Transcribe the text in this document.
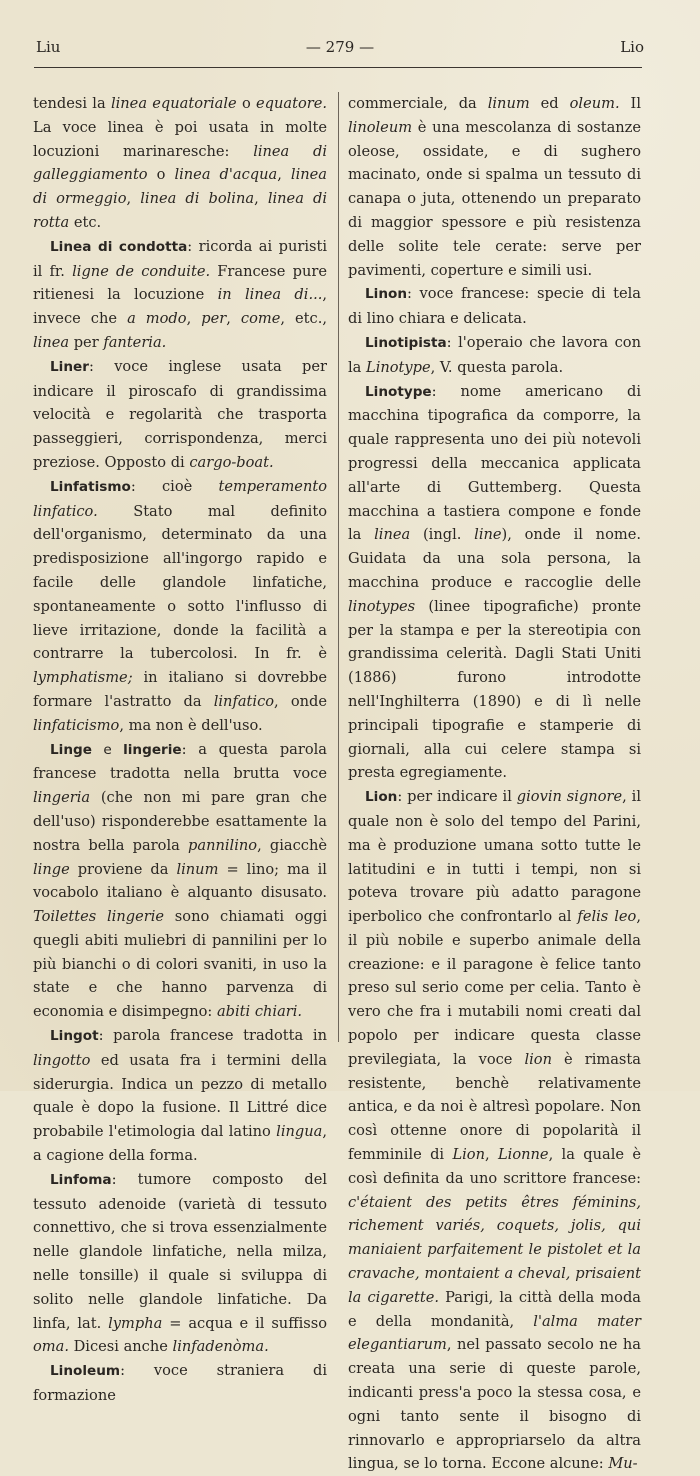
Liu	— 279 —	Lio

tendesi la linea equatoriale o equatore. La voce linea è poi usata in molte locuzioni marinaresche: linea di galleggiamento o linea d'acqua, linea di ormeggio, linea di bolina, linea di rotta etc.

Linea di condotta: ricorda ai puristi il fr. ligne de conduite. Francese pure ritienesi la locuzione in linea di..., invece che a modo, per, come, etc., linea per fanteria.

Liner: voce inglese usata per indicare il piroscafo di grandissima velocità e regolarità che trasporta passeggieri, corrispondenza, merci preziose. Opposto di cargo-boat.

Linfatismo: cioè temperamento linfatico. Stato mal definito dell'organismo, determinato da una predisposizione all'ingorgo rapido e facile delle glandole linfatiche, spontaneamente o sotto l'influsso di lieve irritazione, donde la facilità a contrarre la tubercolosi. In fr. è lymphatisme; in italiano si dovrebbe formare l'astratto da linfatico, onde linfaticismo, ma non è dell'uso.

Linge e lingerie: a questa parola francese tradotta nella brutta voce lingeria (che non mi pare gran che dell'uso) risponderebbe esattamente la nostra bella parola pannilino, giacchè linge proviene da linum = lino; ma il vocabolo italiano è alquanto disusato. Toilettes lingerie sono chiamati oggi quegli abiti muliebri di pannilini per lo più bianchi o di colori svaniti, in uso la state e che hanno parvenza di economia e disimpegno: abiti chiari.

Lingot: parola francese tradotta in lingotto ed usata fra i termini della siderurgia. Indica un pezzo di metallo quale è dopo la fusione. Il Littré dice probabile l'etimologia dal latino lingua, a cagione della forma.

Linfoma: tumore composto del tessuto adenoide (varietà di tessuto connettivo, che si trova essenzialmente nelle glandole linfatiche, nella milza, nelle tonsille) il quale si sviluppa di solito nelle glandole linfatiche. Da linfa, lat. lympha = acqua e il suffisso oma. Dicesi anche linfadenòma.

Linoleum: voce straniera di formazione

commerciale, da linum ed oleum. Il linoleum è una mescolanza di sostanze oleose, ossidate, e di sughero macinato, onde si spalma un tessuto di canapa o juta, ottenendo un preparato di maggior spessore e più resistenza delle solite tele cerate: serve per pavimenti, coperture e simili usi.

Linon: voce francese: specie di tela di lino chiara e delicata.

Linotipista: l'operaio che lavora con la Linotype, V. questa parola.

Linotype: nome americano di macchina tipografica da comporre, la quale rappresenta uno dei più notevoli progressi della meccanica applicata all'arte di Guttemberg. Questa macchina a tastiera compone e fonde la linea (ingl. line), onde il nome. Guidata da una sola persona, la macchina produce e raccoglie delle linotypes (linee tipografiche) pronte per la stampa e per la stereotipia con grandissima celerità. Dagli Stati Uniti (1886) furono introdotte nell'Inghilterra (1890) e di lì nelle principali tipografie e stamperie di giornali, alla cui celere stampa si presta egregiamente.

Lion: per indicare il giovin signore, il quale non è solo del tempo del Parini, ma è produzione umana sotto tutte le latitudini e in tutti i tempi, non si poteva trovare più adatto paragone iperbolico che confrontarlo al felis leo, il più nobile e superbo animale della creazione: e il paragone è felice tanto preso sul serio come per celia. Tanto è vero che fra i mutabili nomi creati dal popolo per indicare questa classe previlegiata, la voce lion è rimasta resistente, benchè relativamente antica, e da noi è altresì popolare. Non così ottenne onore di popolarità il femminile di Lion, Lionne, la quale è così definita da uno scrittore francese: c'étaient des petits êtres féminins, richement variés, coquets, jolis, qui maniaient parfaitement le pistolet et la cravache, montaient a cheval, prisaient la cigarette. Parigi, la città della moda e della mondanità, l'alma mater elegantiarum, nel passato secolo ne ha creata una serie di queste parole, indicanti press'a poco la stessa cosa, e ogni tanto sente il bisogno di rinnovarlo e appropriarselo da altra lingua, se lo torna. Eccone alcune: Mu-
